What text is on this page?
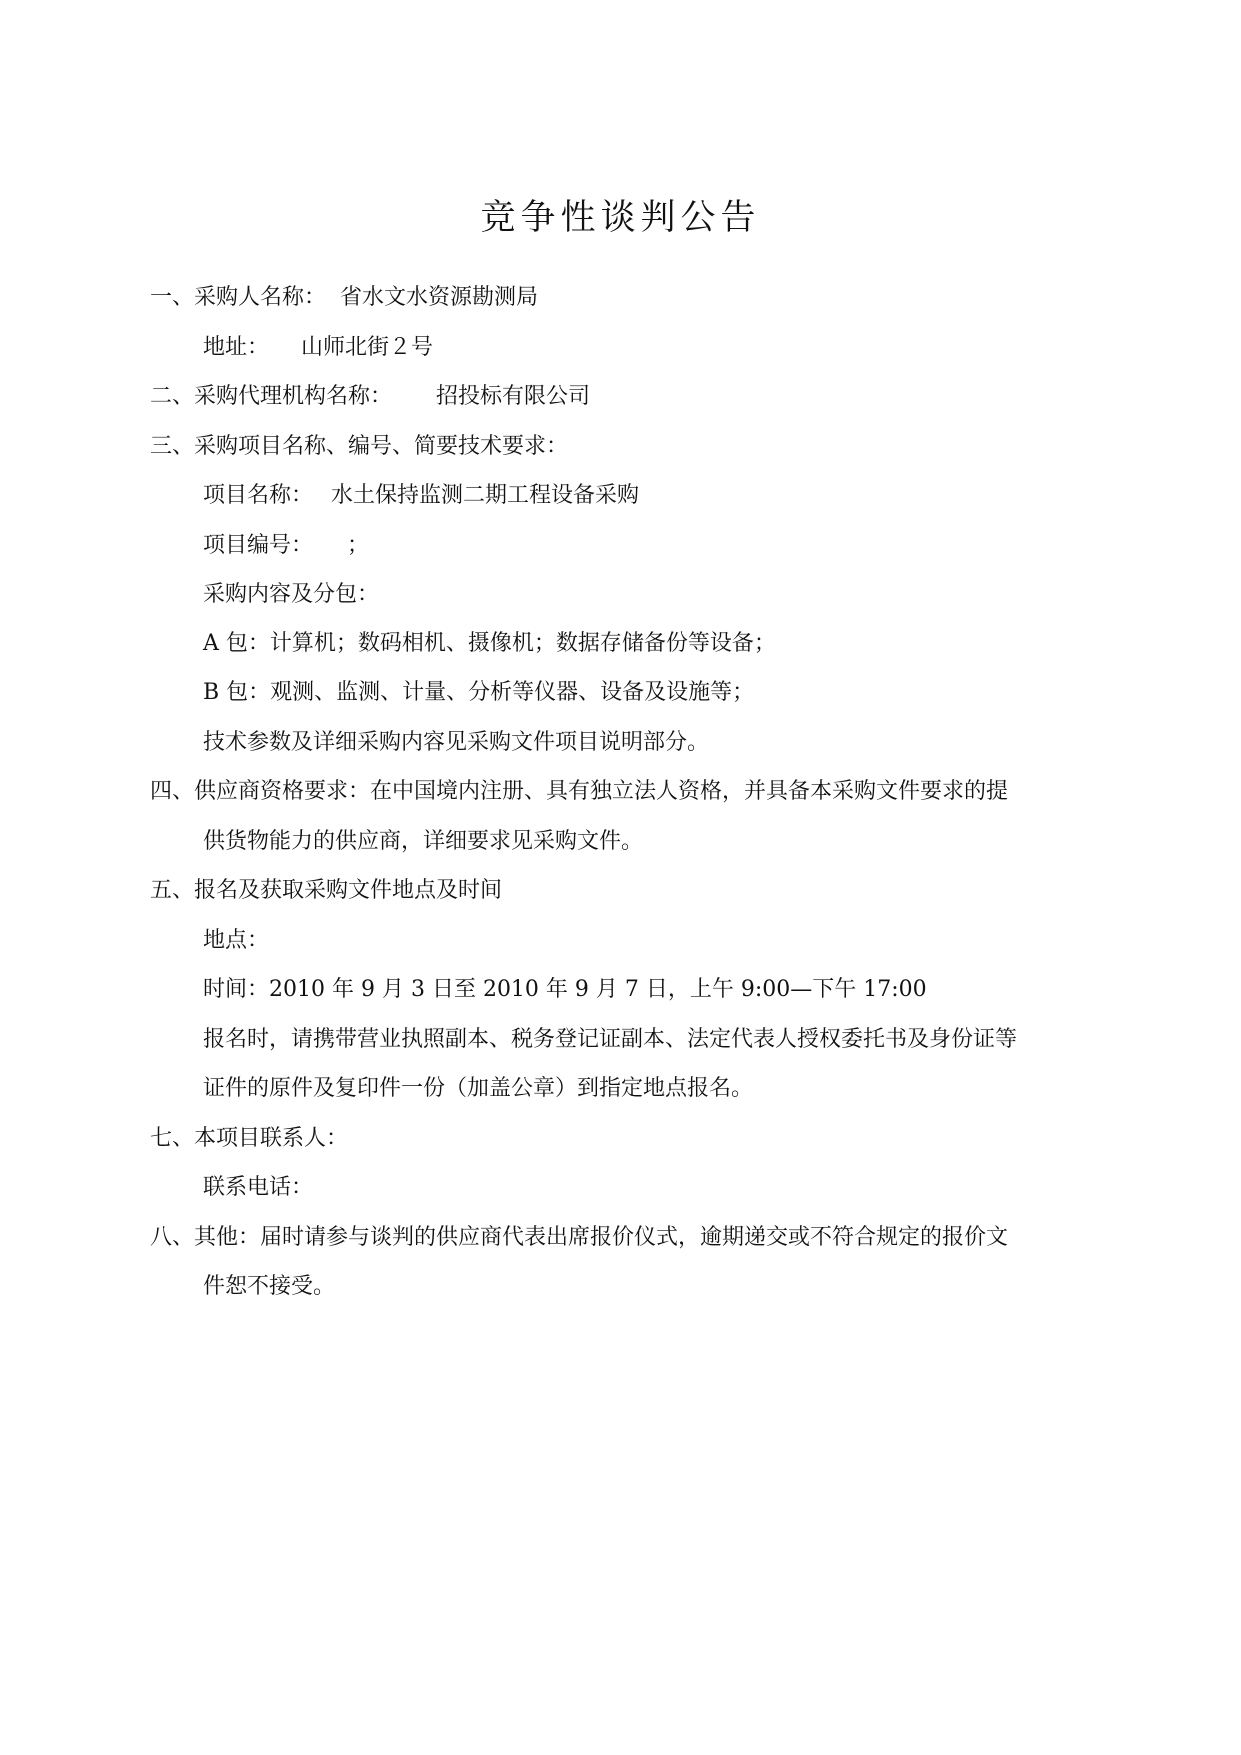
竞争性谈判公告
一、采购人名称： 省水文水资源勘测局
地址： 山师北街２号
二、采购代理机构名称： 招投标有限公司
三、采购项目名称、编号、简要技术要求：
项目名称： 水土保持监测二期工程设备采购
项目编号： ；
采购内容及分包：
A 包：计算机；数码相机、摄像机；数据存储备份等设备；
B 包：观测、监测、计量、分析等仪器、设备及设施等；
技术参数及详细采购内容见采购文件项目说明部分。
四、供应商资格要求：在中国境内注册、具有独立法人资格，并具备本采购文件要求的提
供货物能力的供应商，详细要求见采购文件。
五、报名及获取采购文件地点及时间
地点：
时间：2010 年 9 月 3 日至 2010 年 9 月 7 日，上午 9:00—下午 17:00
报名时，请携带营业执照副本、税务登记证副本、法定代表人授权委托书及身份证等
证件的原件及复印件一份（加盖公章）到指定地点报名。
七、本项目联系人：
联系电话：
八、其他：届时请参与谈判的供应商代表出席报价仪式，逾期递交或不符合规定的报价文
件恕不接受。
